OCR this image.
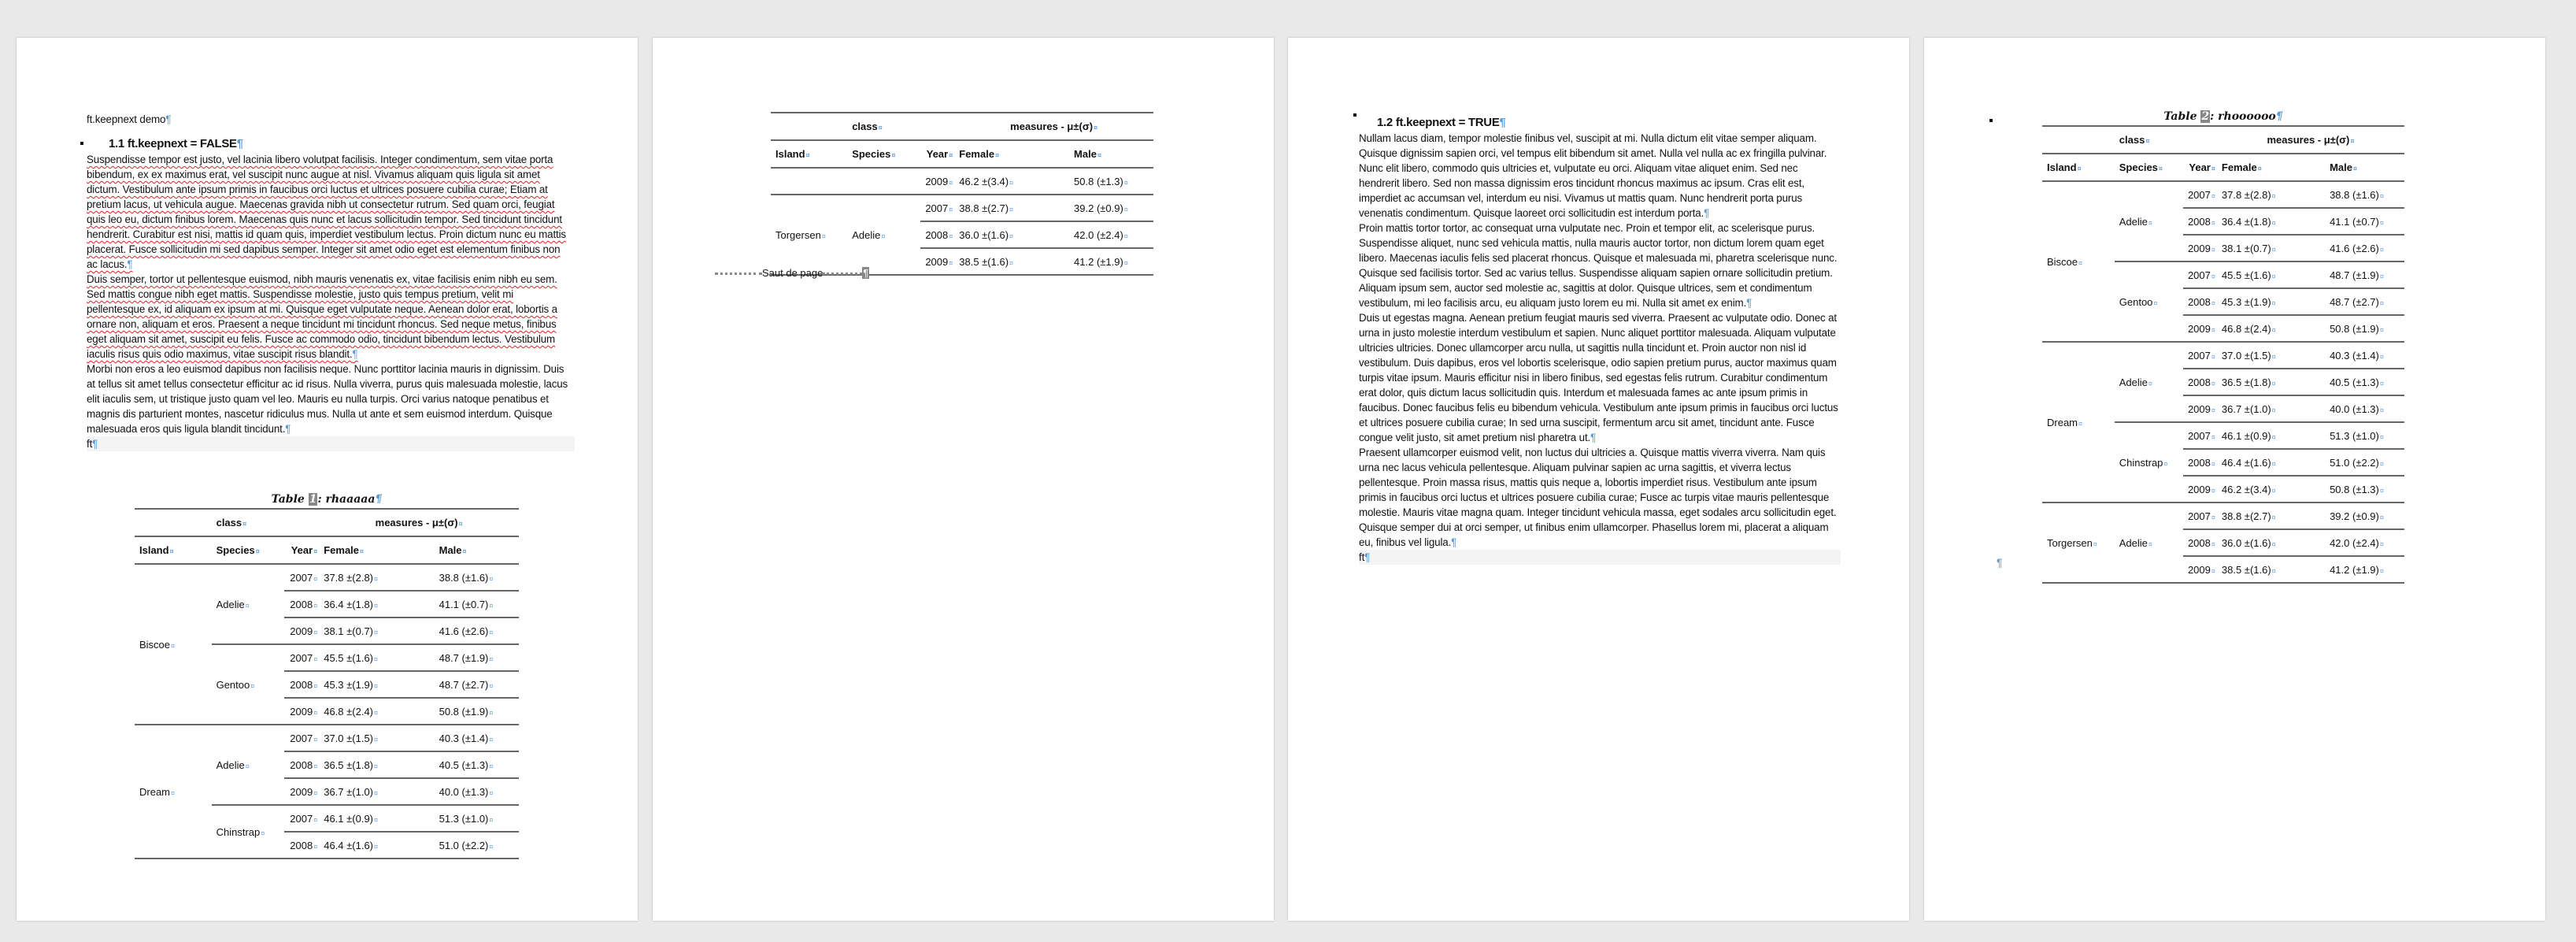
ft.keepnext demo¶
1.1 ft.keepnext = FALSE¶

Suspendisse tempor est justo, vel lacinia libero volutpat facilisis. Integer condimentum, sem vitae porta bibendum, ex ex maximus erat, vel suscipit nunc augue at nisl. Vivamus aliquam quis ligula sit amet dictum. Vestibulum ante ipsum primis in faucibus orci luctus et ultrices posuere cubilia curae; Etiam at pretium lacus, ut vehicula augue. Maecenas gravida nibh ut consectetur rutrum. Sed quam orci, feugiat quis leo eu, dictum finibus lorem. Maecenas quis nunc et lacus sollicitudin tempor. Sed tincidunt tincidunt hendrerit. Curabitur est nisi, mattis id quam quis, imperdiet vestibulum lectus. Proin dictum nunc eu mattis placerat. Fusce sollicitudin mi sed dapibus semper. Integer sit amet odio eget est elementum finibus non ac lacus.¶

Duis semper, tortor ut pellentesque euismod, nibh mauris venenatis ex, vitae facilisis enim nibh eu sem. Sed mattis congue nibh eget mattis. Suspendisse molestie, justo quis tempus pretium, velit mi pellentesque ex, id aliquam ex ipsum at mi. Quisque eget vulputate neque. Aenean dolor erat, lobortis a ornare non, aliquam et eros. Praesent a neque tincidunt mi tincidunt rhoncus. Sed neque metus, finibus eget aliquam sit amet, suscipit eu felis. Fusce ac commodo odio, tincidunt bibendum lectus. Vestibulum iaculis risus quis odio maximus, vitae suscipit risus blandit.¶

Morbi non eros a leo euismod dapibus non facilisis neque. Nunc porttitor lacinia mauris in dignissim. Duis at tellus sit amet tellus consectetur efficitur ac id risus. Nulla viverra, purus quis malesuada molestie, lacus elit iaculis sem, ut tristique justo quam vel leo. Mauris eu nulla turpis. Orci varius natoque penatibus et magnis dis parturient montes, nascetur ridiculus mus. Nulla ut ante et sem euismod interdum. Quisque malesuada eros quis ligula blandit tincidunt.¶

ft¶

Table 1: rhaaaaa¶
	class¤		measures - μ±(σ)¤	
Island¤	Species¤	Year¤	Female¤	Male¤
Biscoe¤	Adelie¤	2007¤	37.8 ±(2.8)¤	38.8 (±1.6)¤
		2008¤	36.4 ±(1.8)¤	41.1 (±0.7)¤
		2009¤	38.1 ±(0.7)¤	41.6 (±2.6)¤
	Gentoo¤	2007¤	45.5 ±(1.6)¤	48.7 (±1.9)¤
		2008¤	45.3 ±(1.9)¤	48.7 (±2.7)¤
		2009¤	46.8 ±(2.4)¤	50.8 (±1.9)¤
Dream¤	Adelie¤	2007¤	37.0 ±(1.5)¤	40.3 (±1.4)¤
		2008¤	36.5 ±(1.8)¤	40.5 (±1.3)¤
		2009¤	36.7 ±(1.0)¤	40.0 (±1.3)¤
	Chinstrap¤	2007¤	46.1 ±(0.9)¤	51.3 (±1.0)¤
		2008¤	46.4 ±(1.6)¤	51.0 (±2.2)¤
	class¤		measures - μ±(σ)¤	
Island¤	Species¤	Year¤	Female¤	Male¤
		2009¤	46.2 ±(3.4)¤	50.8 (±1.3)¤
Torgersen¤	Adelie¤	2007¤	38.8 ±(2.7)¤	39.2 (±0.9)¤
		2008¤	36.0 ±(1.6)¤	42.0 (±2.4)¤
		2009¤	38.5 ±(1.6)¤	41.2 (±1.9)¤
Saut de page	¶
1.2 ft.keepnext = TRUE¶

Nullam lacus diam, tempor molestie finibus vel, suscipit at mi. Nulla dictum elit vitae semper aliquam. Quisque dignissim sapien orci, vel tempus elit bibendum sit amet. Nulla vel nulla ac ex fringilla pulvinar. Nunc elit libero, commodo quis ultricies et, vulputate eu orci. Aliquam vitae aliquet enim. Sed nec hendrerit libero. Sed non massa dignissim eros tincidunt rhoncus maximus ac ipsum. Cras elit est, imperdiet ac accumsan vel, interdum eu nisi. Vivamus ut mattis quam. Nunc hendrerit porta purus venenatis condimentum. Quisque laoreet orci sollicitudin est interdum porta.¶

Proin mattis tortor tortor, ac consequat urna vulputate nec. Proin et tempor elit, ac scelerisque purus. Suspendisse aliquet, nunc sed vehicula mattis, nulla mauris auctor tortor, non dictum lorem quam eget libero. Maecenas iaculis felis sed placerat rhoncus. Quisque et malesuada mi, pharetra scelerisque nunc. Quisque sed facilisis tortor. Sed ac varius tellus. Suspendisse aliquam sapien ornare sollicitudin pretium. Aliquam ipsum sem, auctor sed molestie ac, sagittis at dolor. Quisque ultrices, sem et condimentum vestibulum, mi leo facilisis arcu, eu aliquam justo lorem eu mi. Nulla sit amet ex enim.¶

Duis ut egestas magna. Aenean pretium feugiat mauris sed viverra. Praesent ac vulputate odio. Donec at urna in justo molestie interdum vestibulum et sapien. Nunc aliquet porttitor malesuada. Aliquam vulputate ultricies ultricies. Donec ullamcorper arcu nulla, ut sagittis nulla tincidunt et. Proin auctor non nisl id vestibulum. Duis dapibus, eros vel lobortis scelerisque, odio sapien pretium purus, auctor maximus quam turpis vitae ipsum. Mauris efficitur nisi in libero finibus, sed egestas felis rutrum. Curabitur condimentum erat dolor, quis dictum lacus sollicitudin quis. Interdum et malesuada fames ac ante ipsum primis in faucibus. Donec faucibus felis eu bibendum vehicula. Vestibulum ante ipsum primis in faucibus orci luctus et ultrices posuere cubilia curae; In sed urna suscipit, fermentum arcu sit amet, tincidunt ante. Fusce congue velit justo, sit amet pretium nisl pharetra ut.¶

Praesent ullamcorper euismod velit, non luctus dui ultricies a. Quisque mattis viverra viverra. Nam quis urna nec lacus vehicula pellentesque. Aliquam pulvinar sapien ac urna sagittis, et viverra lectus pellentesque. Proin massa risus, mattis quis neque a, lobortis imperdiet risus. Vestibulum ante ipsum primis in faucibus orci luctus et ultrices posuere cubilia curae; Fusce ac turpis vitae mauris pellentesque molestie. Mauris vitae magna quam. Integer tincidunt vehicula massa, eget sodales arcu sollicitudin eget. Quisque semper dui at orci semper, ut finibus enim ullamcorper. Phasellus lorem mi, placerat a aliquam eu, finibus vel ligula.¶

ft¶

Table 2: rhoooooo¶
	class¤		measures - μ±(σ)¤	
Island¤	Species¤	Year¤	Female¤	Male¤
Biscoe¤	Adelie¤	2007¤	37.8 ±(2.8)¤	38.8 (±1.6)¤
		2008¤	36.4 ±(1.8)¤	41.1 (±0.7)¤
		2009¤	38.1 ±(0.7)¤	41.6 (±2.6)¤
	Gentoo¤	2007¤	45.5 ±(1.6)¤	48.7 (±1.9)¤
		2008¤	45.3 ±(1.9)¤	48.7 (±2.7)¤
		2009¤	46.8 ±(2.4)¤	50.8 (±1.9)¤
Dream¤	Adelie¤	2007¤	37.0 ±(1.5)¤	40.3 (±1.4)¤
		2008¤	36.5 ±(1.8)¤	40.5 (±1.3)¤
		2009¤	36.7 ±(1.0)¤	40.0 (±1.3)¤
	Chinstrap¤	2007¤	46.1 ±(0.9)¤	51.3 (±1.0)¤
		2008¤	46.4 ±(1.6)¤	51.0 (±2.2)¤
		2009¤	46.2 ±(3.4)¤	50.8 (±1.3)¤
Torgersen¤	Adelie¤	2007¤	38.8 ±(2.7)¤	39.2 (±0.9)¤
		2008¤	36.0 ±(1.6)¤	42.0 (±2.4)¤
		2009¤	38.5 ±(1.6)¤	41.2 (±1.9)¤
¶
